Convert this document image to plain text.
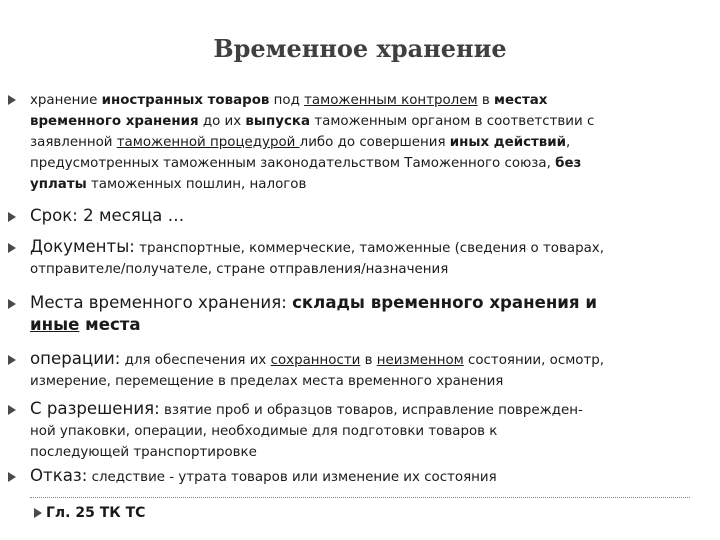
Временное хранение
хранение иностранных товаров под таможенным контролем в местах
временного хранения до их выпуска таможенным органом в соответствии с
заявленной таможенной процедурой либо до совершения иных действий,
предусмотренных таможенным законодательством Таможенного союза, без
уплаты таможенных пошлин, налогов
Срок: 2 месяца …
Документы: транспортные, коммерческие, таможенные (сведения о товарах,
отправителе/получателе, стране отправления/назначения
Места временного хранения: склады временного хранения и
иные места
операции: для обеспечения их сохранности в неизменном состоянии, осмотр,
измерение, перемещение в пределах места временного хранения
С разрешения: взятие проб и образцов товаров, исправление поврежден-
ной упаковки, операции, необходимые для подготовки товаров к
последующей транспортировке
Отказ: следствие - утрата товаров или изменение их состояния
Гл. 25 ТК ТС
